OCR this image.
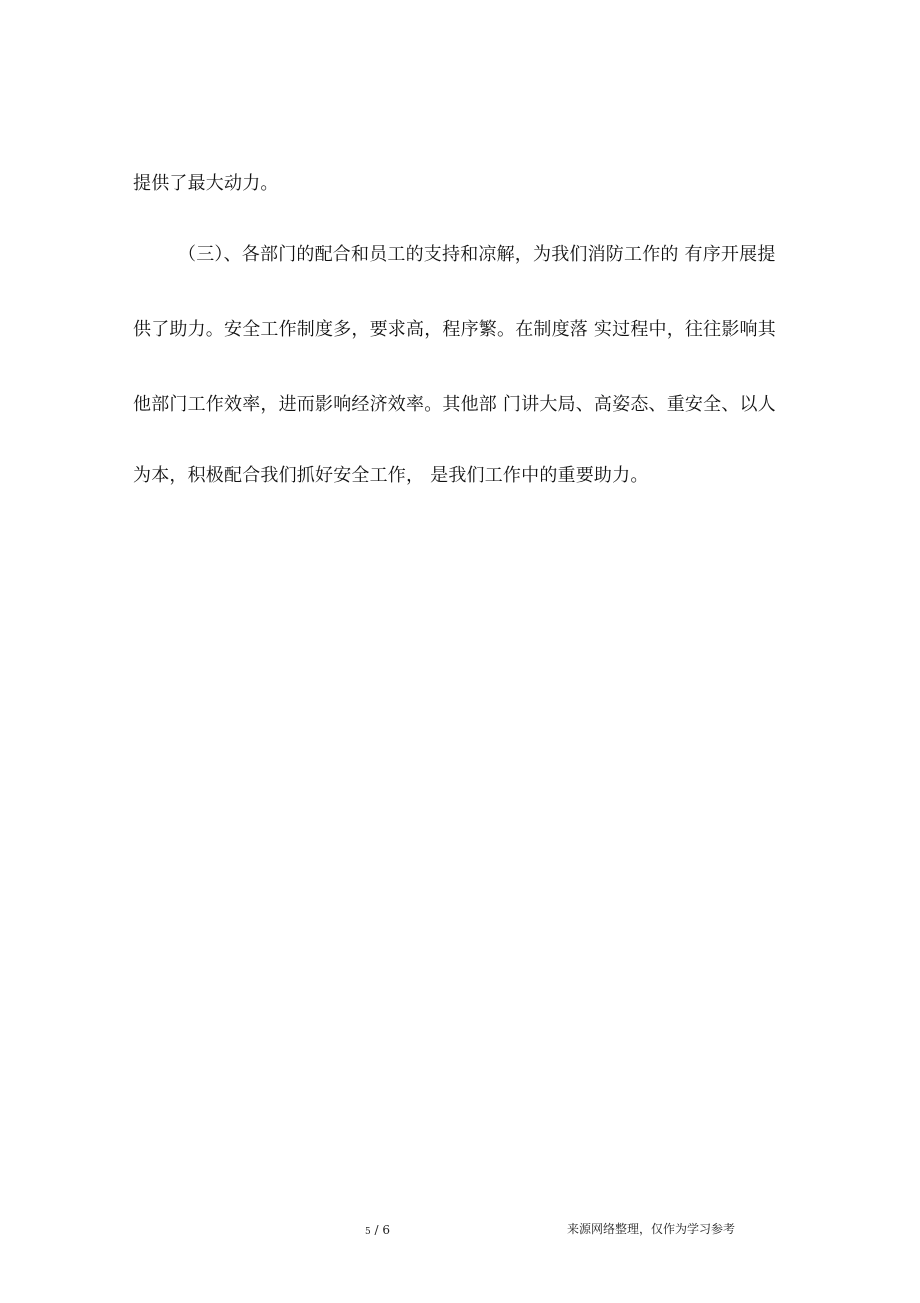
提供了最大动力。
（三）、各部门的配合和员工的支持和凉解，为我们消防工作的 有序开展提
供了助力。安全工作制度多，要求高，程序繁。在制度落 实过程中，往往影响其
他部门工作效率，进而影响经济效率。其他部 门讲大局、高姿态、重安全、以人
为本，积极配合我们抓好安全工作， 是我们工作中的重要助力。
5 / 6	来源网络整理，仅作为学习参考
